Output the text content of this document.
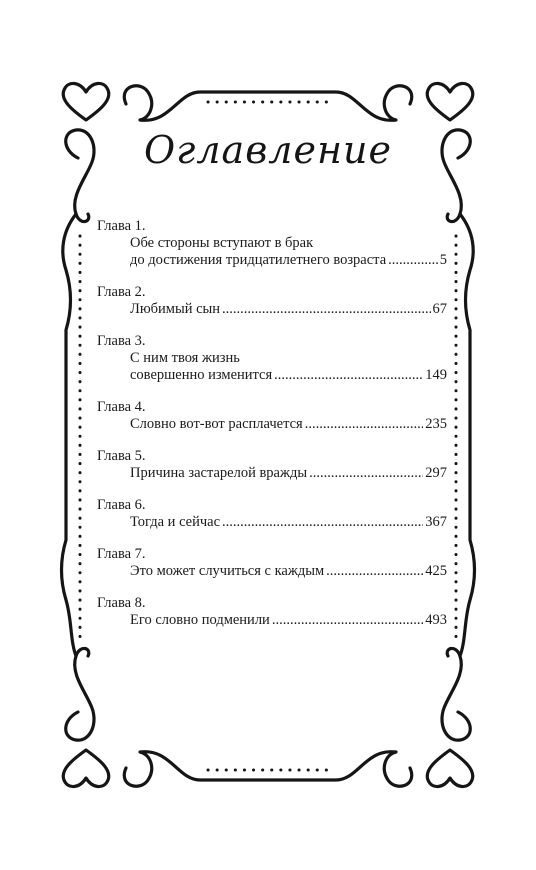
Оглавление
Глава 1.
Обе стороны вступают в брак
до достижения тридцатилетнего возраста .....	5
Глава 2.
Любимый сын .....	67
Глава 3.
С ним твоя жизнь
совершенно изменится .....	149
Глава 4.
Словно вот-вот расплачется .....	235
Глава 5.
Причина застарелой вражды .....	297
Глава 6.
Тогда и сейчас .....	367
Глава 7.
Это может случиться с каждым .....	425
Глава 8.
Его словно подменили .....	493
